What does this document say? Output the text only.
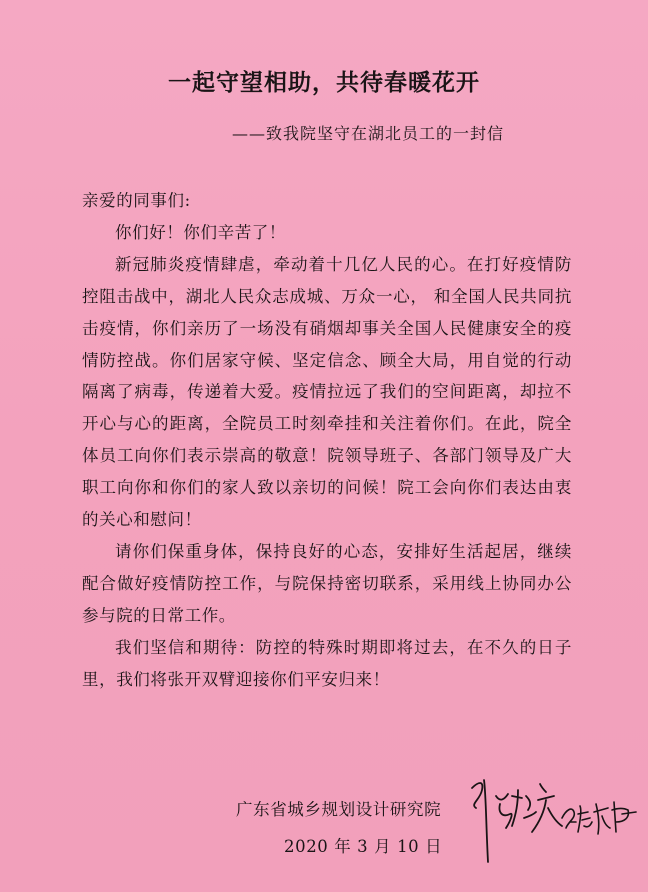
一起守望相助，共待春暖花开
——致我院坚守在湖北员工的一封信

亲爱的同事们:

你们好！你们辛苦了！

新冠肺炎疫情肆虐，牵动着十几亿人民的心。在打好疫情防控阻击战中，湖北人民众志成城、万众一心， 和全国人民共同抗击疫情，你们亲历了一场没有硝烟却事关全国人民健康安全的疫情防控战。你们居家守候、坚定信念、顾全大局，用自觉的行动隔离了病毒，传递着大爱。疫情拉远了我们的空间距离，却拉不开心与心的距离，全院员工时刻牵挂和关注着你们。在此，院全体员工向你们表示崇高的敬意！院领导班子、各部门领导及广大职工向你和你们的家人致以亲切的问候！院工会向你们表达由衷的关心和慰问！

请你们保重身体，保持良好的心态，安排好生活起居，继续配合做好疫情防控工作，与院保持密切联系，采用线上协同办公参与院的日常工作。

我们坚信和期待：防控的特殊时期即将过去，在不久的日子里，我们将张开双臂迎接你们平安归来！

广东省城乡规划设计研究院
2020 年 3 月 10 日
